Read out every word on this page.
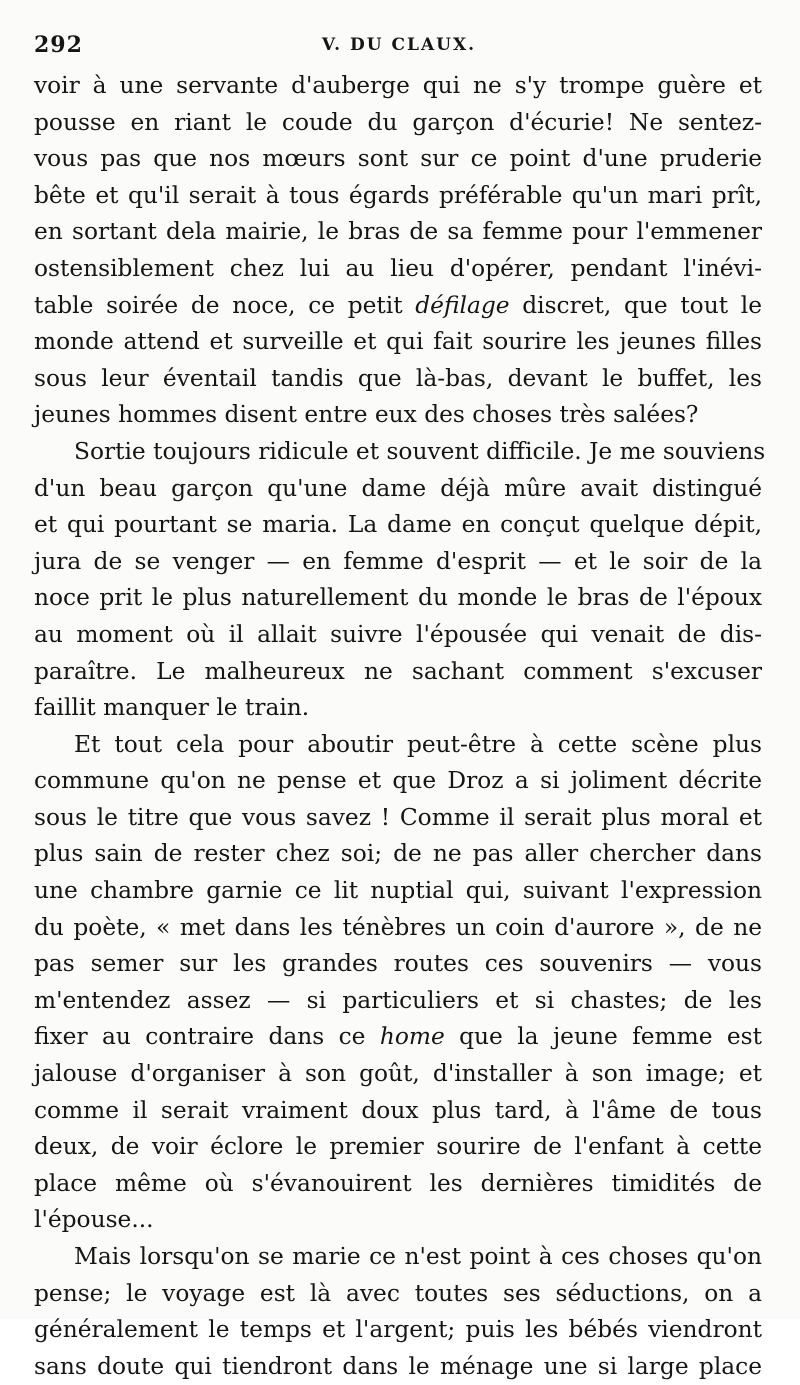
292	V. DU CLAUX.
voir à une servante d'auberge qui ne s'y trompe guère et
pousse en riant le coude du garçon d'écurie! Ne sentez-
vous pas que nos mœurs sont sur ce point d'une pruderie
bête et qu'il serait à tous égards préférable qu'un mari prît,
en sortant dela mairie, le bras de sa femme pour l'emmener
ostensiblement chez lui au lieu d'opérer, pendant l'inévi-
table soirée de noce, ce petit défilage discret, que tout le
monde attend et surveille et qui fait sourire les jeunes filles
sous leur éventail tandis que là-bas, devant le buffet, les
jeunes hommes disent entre eux des choses très salées?
Sortie toujours ridicule et souvent difficile. Je me souviens
d'un beau garçon qu'une dame déjà mûre avait distingué
et qui pourtant se maria. La dame en conçut quelque dépit,
jura de se venger — en femme d'esprit — et le soir de la
noce prit le plus naturellement du monde le bras de l'époux
au moment où il allait suivre l'épousée qui venait de dis-
paraître. Le malheureux ne sachant comment s'excuser
faillit manquer le train.
Et tout cela pour aboutir peut-être à cette scène plus
commune qu'on ne pense et que Droz a si joliment décrite
sous le titre que vous savez ! Comme il serait plus moral et
plus sain de rester chez soi; de ne pas aller chercher dans
une chambre garnie ce lit nuptial qui, suivant l'expression
du poète, « met dans les ténèbres un coin d'aurore », de ne
pas semer sur les grandes routes ces souvenirs — vous
m'entendez assez — si particuliers et si chastes; de les
fixer au contraire dans ce home que la jeune femme est
jalouse d'organiser à son goût, d'installer à son image; et
comme il serait vraiment doux plus tard, à l'âme de tous
deux, de voir éclore le premier sourire de l'enfant à cette
place même où s'évanouirent les dernières timidités de
l'épouse...
Mais lorsqu'on se marie ce n'est point à ces choses qu'on
pense; le voyage est là avec toutes ses séductions, on a
généralement le temps et l'argent; puis les bébés viendront
sans doute qui tiendront dans le ménage une si large place
